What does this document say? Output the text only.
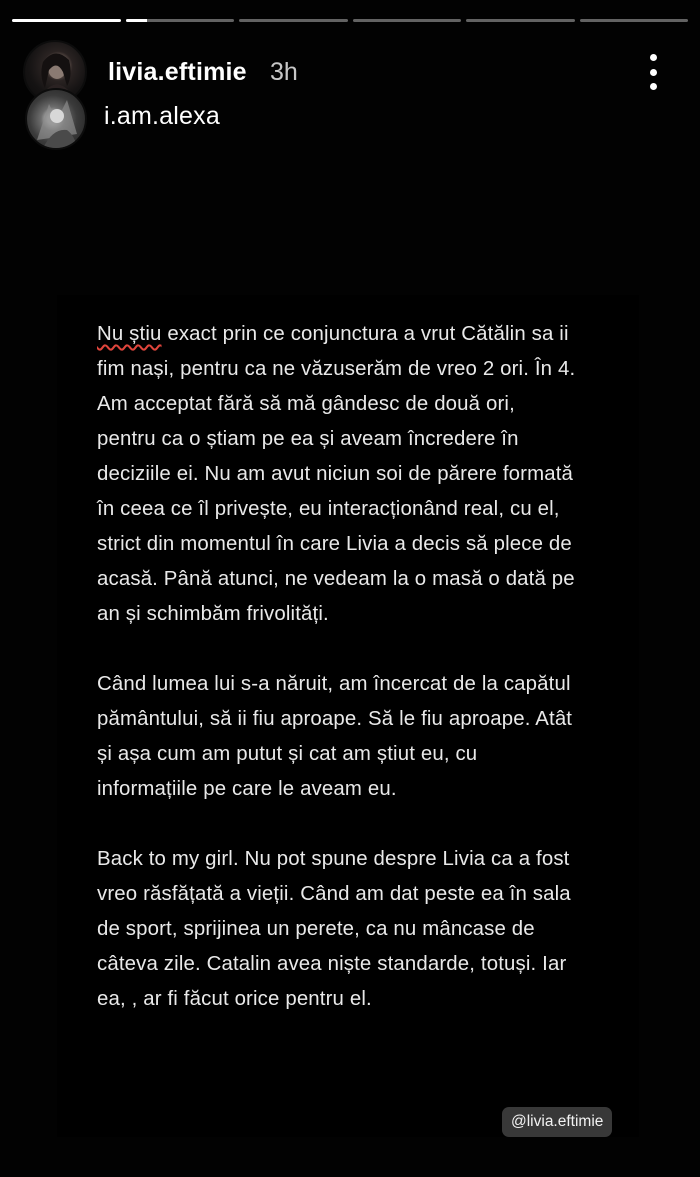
livia.eftimie 3h
i.am.alexa

Nu știu exact prin ce conjunctura a vrut Cătălin sa ii
fim nași, pentru ca ne văzuserăm de vreo 2 ori. În 4.
Am acceptat fără să mă gândesc de două ori,
pentru ca o știam pe ea și aveam încredere în
deciziile ei. Nu am avut niciun soi de părere formată
în ceea ce îl privește, eu interacționând real, cu el,
strict din momentul în care Livia a decis să plece de
acasă. Până atunci, ne vedeam la o masă o dată pe
an și schimbăm frivolități.

Când lumea lui s-a năruit, am încercat de la capătul
pământului, să ii fiu aproape. Să le fiu aproape. Atât
și așa cum am putut și cat am știut eu, cu
informațiile pe care le aveam eu.

Back to my girl. Nu pot spune despre Livia ca a fost
vreo răsfățată a vieții. Când am dat peste ea în sala
de sport, sprijinea un perete, ca nu mâncase de
câteva zile. Catalin avea niște standarde, totuși. Iar
ea, , ar fi făcut orice pentru el.

@livia.eftimie
